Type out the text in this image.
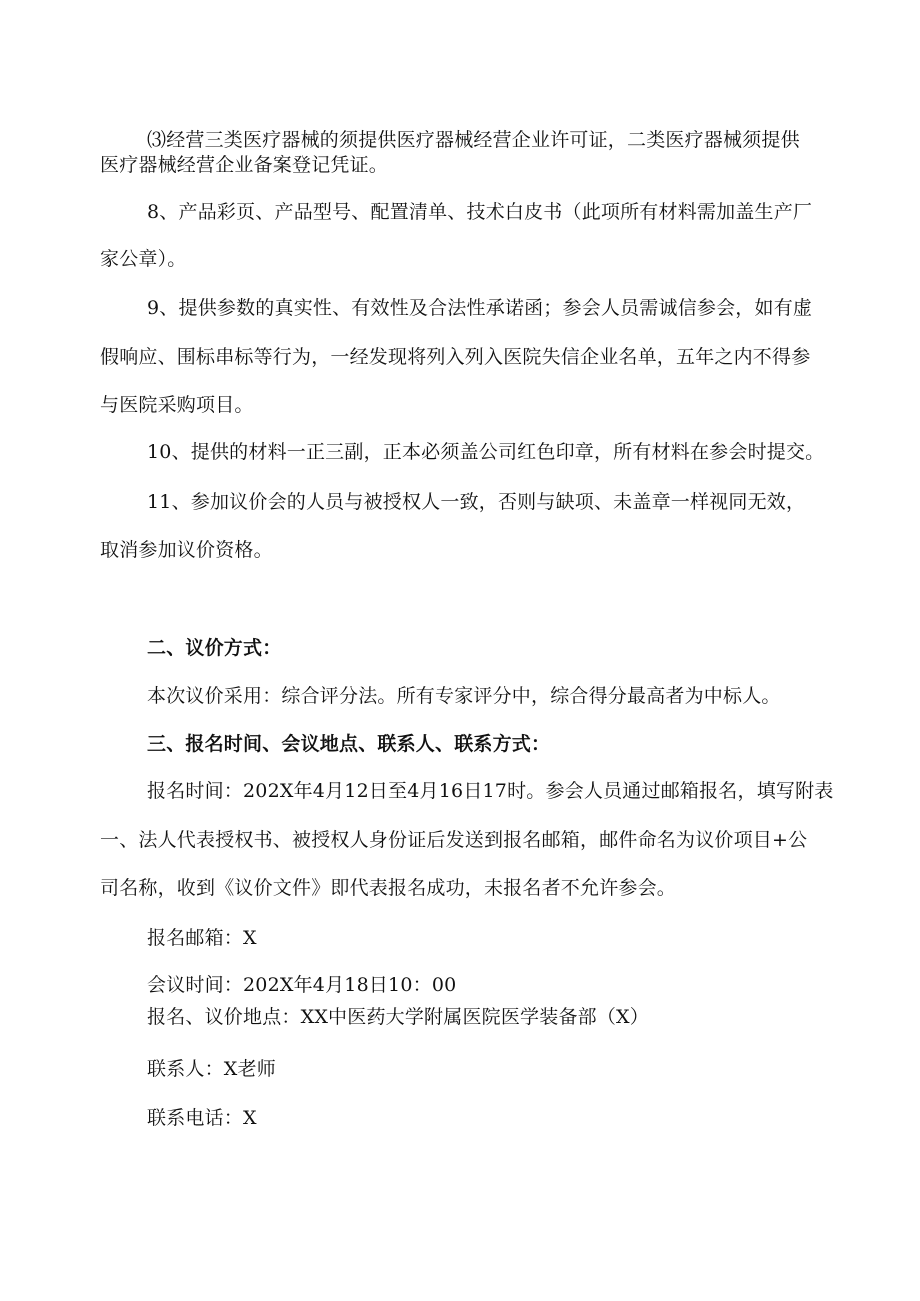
⑶经营三类医疗器械的须提供医疗器械经营企业许可证，二类医疗器械须提供
医疗器械经营企业备案登记凭证。
8、产品彩页、产品型号、配置清单、技术白皮书（此项所有材料需加盖生产厂
家公章）。
9、提供参数的真实性、有效性及合法性承诺函；参会人员需诚信参会，如有虚
假响应、围标串标等行为，一经发现将列入列入医院失信企业名单，五年之内不得参
与医院采购项目。
10、提供的材料一正三副，正本必须盖公司红色印章，所有材料在参会时提交。
11、参加议价会的人员与被授权人一致，否则与缺项、未盖章一样视同无效，
取消参加议价资格。
二、议价方式：
本次议价采用：综合评分法。所有专家评分中，综合得分最高者为中标人。
三、报名时间、会议地点、联系人、联系方式：
报名时间：202X年4月12日至4月16日17时。参会人员通过邮箱报名，填写附表
一、法人代表授权书、被授权人身份证后发送到报名邮箱，邮件命名为议价项目+公
司名称，收到《议价文件》即代表报名成功，未报名者不允许参会。
报名邮箱：X
会议时间：202X年4月18日10：00
报名、议价地点：XX中医药大学附属医院医学装备部（X）
联系人：X老师
联系电话：X
